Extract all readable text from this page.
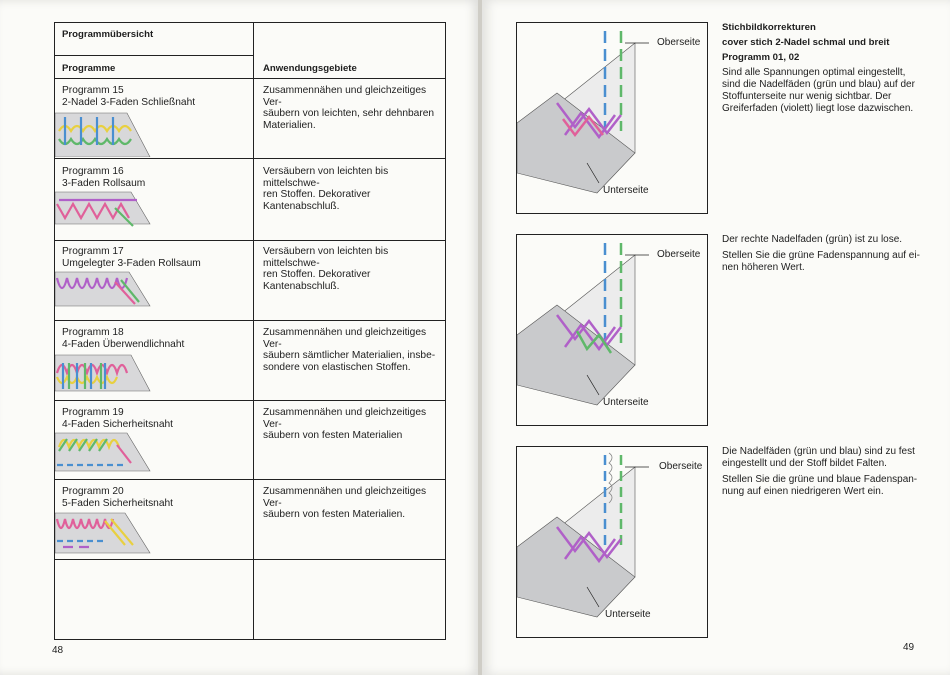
Programmübersicht
Programme	Anwendungsgebiete
Programm 15
2-Nadel 3-Faden Schließnaht
Zusammennähen und gleichzeitiges Ver-
säubern von leichten, sehr dehnbaren
Materialien.
Programm 16
3-Faden Rollsaum
Versäubern von leichten bis mittelschwe-
ren Stoffen. Dekorativer Kantenabschluß.
Programm 17
Umgelegter 3-Faden Rollsaum
Versäubern von leichten bis mittelschwe-
ren Stoffen. Dekorativer Kantenabschluß.
Programm 18
4-Faden Überwendlichnaht
Zusammennähen und gleichzeitiges Ver-
säubern sämtlicher Materialien, insbe-
sondere von elastischen Stoffen.
Programm 19
4-Faden Sicherheitsnaht
Zusammennähen und gleichzeitiges Ver-
säubern von festen Materialien
Programm 20
5-Faden Sicherheitsnaht
Zusammennähen und gleichzeitiges Ver-
säubern von festen Materialien.
48
Oberseite
Unterseite
Oberseite
Unterseite
Oberseite
Unterseite
Stichbildkorrekturen
cover stich 2-Nadel schmal und breit
Programm 01, 02
Sind alle Spannungen optimal eingestellt,
sind die Nadelfäden (grün und blau) auf der
Stoffunterseite nur wenig sichtbar. Der
Greiferfaden (violett) liegt lose dazwischen.

Der rechte Nadelfaden (grün) ist zu lose.

Stellen Sie die grüne Fadenspannung auf ei-
nen höheren Wert.

Die Nadelfäden (grün und blau) sind zu fest
eingestellt und der Stoff bildet Falten.

Stellen Sie die grüne und blaue Fadenspan-
nung auf einen niedrigeren Wert ein.

49
